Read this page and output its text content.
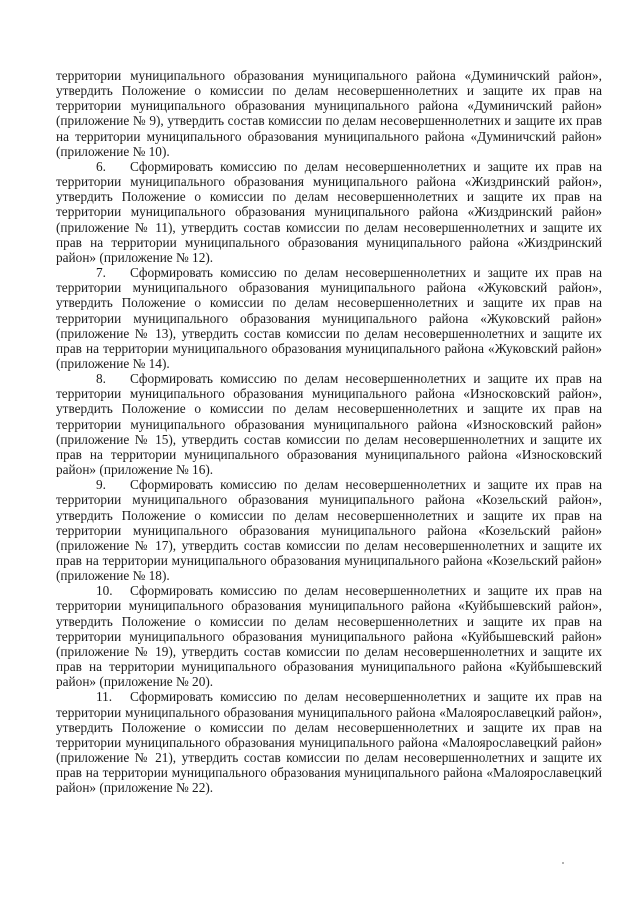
территории муниципального образования муниципального района «Думиничский район», утвердить Положение о комиссии по делам несовершеннолетних и защите их прав на территории муниципального образования муниципального района «Думиничский район» (приложение № 9), утвердить состав комиссии по делам несовершеннолетних и защите их прав на территории муниципального образования муниципального района «Думиничский район» (приложение № 10).

6. Сформировать комиссию по делам несовершеннолетних и защите их прав на территории муниципального образования муниципального района «Жиздринский район», утвердить Положение о комиссии по делам несовершеннолетних и защите их прав на территории муниципального образования муниципального района «Жиздринский район» (приложение № 11), утвердить состав комиссии по делам несовершеннолетних и защите их прав на территории муниципального образования муниципального района «Жиздринский район» (приложение № 12).

7. Сформировать комиссию по делам несовершеннолетних и защите их прав на территории муниципального образования муниципального района «Жуковский район», утвердить Положение о комиссии по делам несовершеннолетних и защите их прав на территории муниципального образования муниципального района «Жуковский район» (приложение № 13), утвердить состав комиссии по делам несовершеннолетних и защите их прав на территории муниципального образования муниципального района «Жуковский район» (приложение № 14).

8. Сформировать комиссию по делам несовершеннолетних и защите их прав на территории муниципального образования муниципального района «Износковский район», утвердить Положение о комиссии по делам несовершеннолетних и защите их прав на территории муниципального образования муниципального района «Износковский район» (приложение № 15), утвердить состав комиссии по делам несовершеннолетних и защите их прав на территории муниципального образования муниципального района «Износковский район» (приложение № 16).

9. Сформировать комиссию по делам несовершеннолетних и защите их прав на территории муниципального образования муниципального района «Козельский район», утвердить Положение о комиссии по делам несовершеннолетних и защите их прав на территории муниципального образования муниципального района «Козельский район» (приложение № 17), утвердить состав комиссии по делам несовершеннолетних и защите их прав на территории муниципального образования муниципального района «Козельский район» (приложение № 18).

10. Сформировать комиссию по делам несовершеннолетних и защите их прав на территории муниципального образования муниципального района «Куйбышевский район», утвердить Положение о комиссии по делам несовершеннолетних и защите их прав на территории муниципального образования муниципального района «Куйбышевский район» (приложение № 19), утвердить состав комиссии по делам несовершеннолетних и защите их прав на территории муниципального образования муниципального района «Куйбышевский район» (приложение № 20).

11. Сформировать комиссию по делам несовершеннолетних и защите их прав на территории муниципального образования муниципального района «Малоярославецкий район», утвердить Положение о комиссии по делам несовершеннолетних и защите их прав на территории муниципального образования муниципального района «Малоярославецкий район» (приложение № 21), утвердить состав комиссии по делам несовершеннолетних и защите их прав на территории муниципального образования муниципального района «Малоярославецкий район» (приложение № 22).
